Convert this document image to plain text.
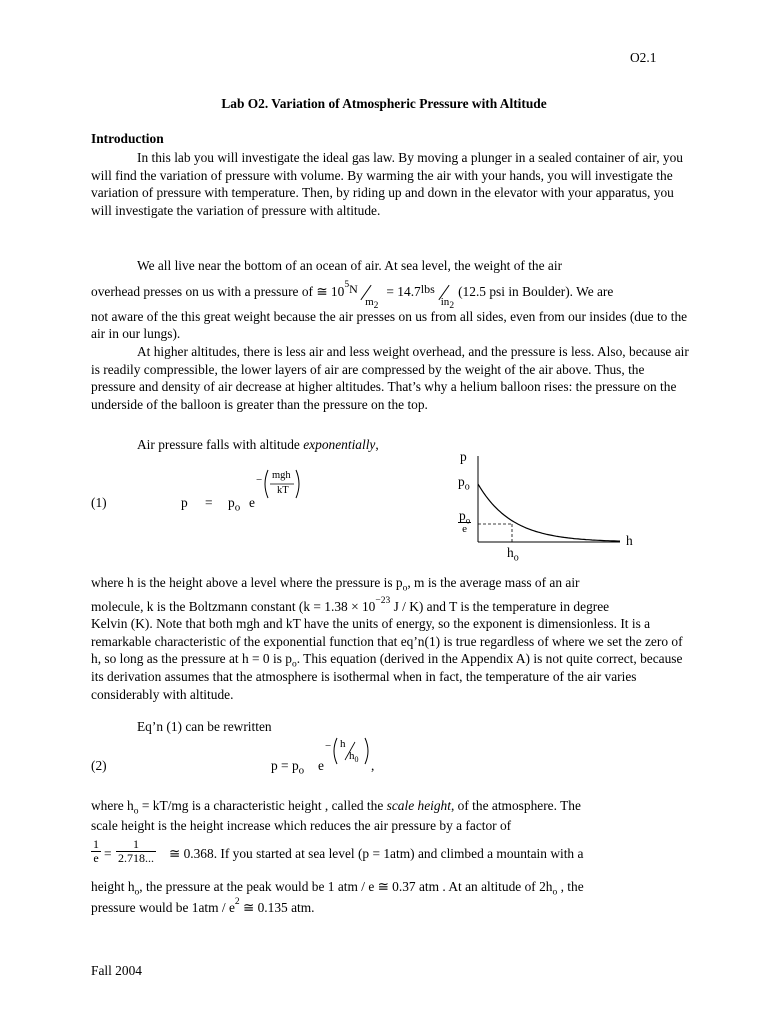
O2.1
Lab O2. Variation of Atmospheric Pressure with Altitude
Introduction

In this lab you will investigate the ideal gas law. By moving a plunger in a sealed container of air, you will find the variation of pressure with volume. By warming the air with your hands, you will investigate the variation of pressure with temperature. Then, by riding up and down in the elevator with your apparatus, you will investigate the variation of pressure with altitude.

We all live near the bottom of an ocean of air. At sea level, the weight of the air
overhead presses on us with a pressure of ≅ $10^5$ N
$m_2$
= 14.7 lbs
$in_2$
(12.5 psi in Boulder). We are
not aware of the this great weight because the air presses on us from all sides, even from our insides (due to the air in our lungs).

At higher altitudes, there is less air and less weight overhead, and the pressure is less. Also, because air is readily compressible, the lower layers of air are compressed by the weight of the air above. Thus, the pressure and density of air decrease at higher altitudes. That’s why a helium balloon rises: the pressure on the underside of the balloon is greater than the pressure on the top.

Air pressure falls with altitude exponentially,
(1)	$p = p_o$ e
− mgh
kT
p
$p_o$
$p_o$
e
h
$h_o$
where h is the height above a level where the pressure is $p_o$, m is the average mass of an air
molecule, k is the Boltzmann constant ($k = 1.38 \times 10^{-23}$ J / K) and T is the temperature in degree
Kelvin (K). Note that both mgh and kT have the units of energy, so the exponent is dimensionless. It is a remarkable characteristic of the exponential function that eq’n(1) is true regardless of where we set the zero of h, so long as the pressure at h = 0 is $p_o$. This equation (derived in the Appendix A) is not quite correct, because its derivation assumes that the atmosphere is isothermal when in fact, the temperature of the air varies considerably with altitude.
Eq’n (1) can be rewritten
(2)	$p = p_o$ e
− h
$h_0$ ,
where $h_o = kT/mg$ is a characteristic height , called the scale height, of the atmosphere. The
scale height is the height increase which reduces the air pressure by a factor of
$\frac{1}{e} = \frac{1}{2.718...}$ ≅ 0.368. If you started at sea level (p = 1atm) and climbed a mountain with a
height $h_o$, the pressure at the peak would be 1 atm / e ≅ 0.37 atm . At an altitude of $2h_o$ , the
pressure would be $1atm / e^2$ ≅ 0.135 atm.
Fall 2004
